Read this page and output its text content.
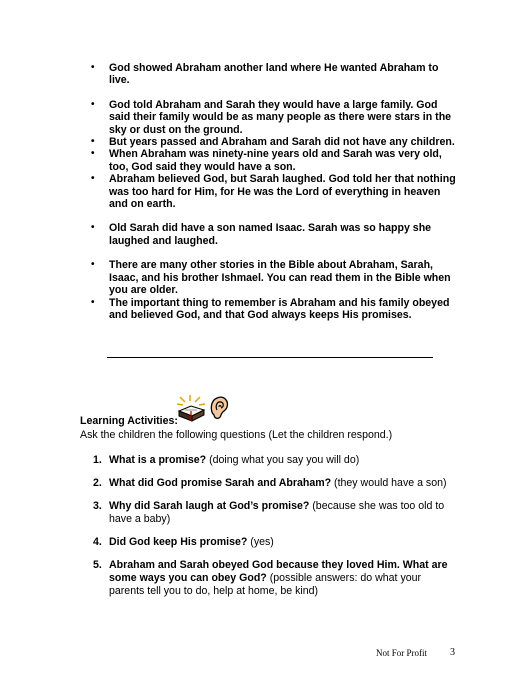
• God showed Abraham another land where He wanted Abraham to live.
• God told Abraham and Sarah they would have a large family. God said their family would be as many people as there were stars in the sky or dust on the ground.
• But years passed and Abraham and Sarah did not have any children.
• When Abraham was ninety-nine years old and Sarah was very old, too, God said they would have a son.
• Abraham believed God, but Sarah laughed. God told her that nothing was too hard for Him, for He was the Lord of everything in heaven and on earth.
• Old Sarah did have a son named Isaac. Sarah was so happy she laughed and laughed.
• There are many other stories in the Bible about Abraham, Sarah, Isaac, and his brother Ishmael. You can read them in the Bible when you are older.
• The important thing to remember is Abraham and his family obeyed and believed God, and that God always keeps His promises.
Learning Activities:
Ask the children the following questions (Let the children respond.)
1. What is a promise? (doing what you say you will do)
2. What did God promise Sarah and Abraham? (they would have a son)
3. Why did Sarah laugh at God’s promise? (because she was too old to have a baby)
4. Did God keep His promise? (yes)
5. Abraham and Sarah obeyed God because they loved Him. What are some ways you can obey God? (possible answers: do what your parents tell you to do, help at home, be kind)
Not For Profit 3
